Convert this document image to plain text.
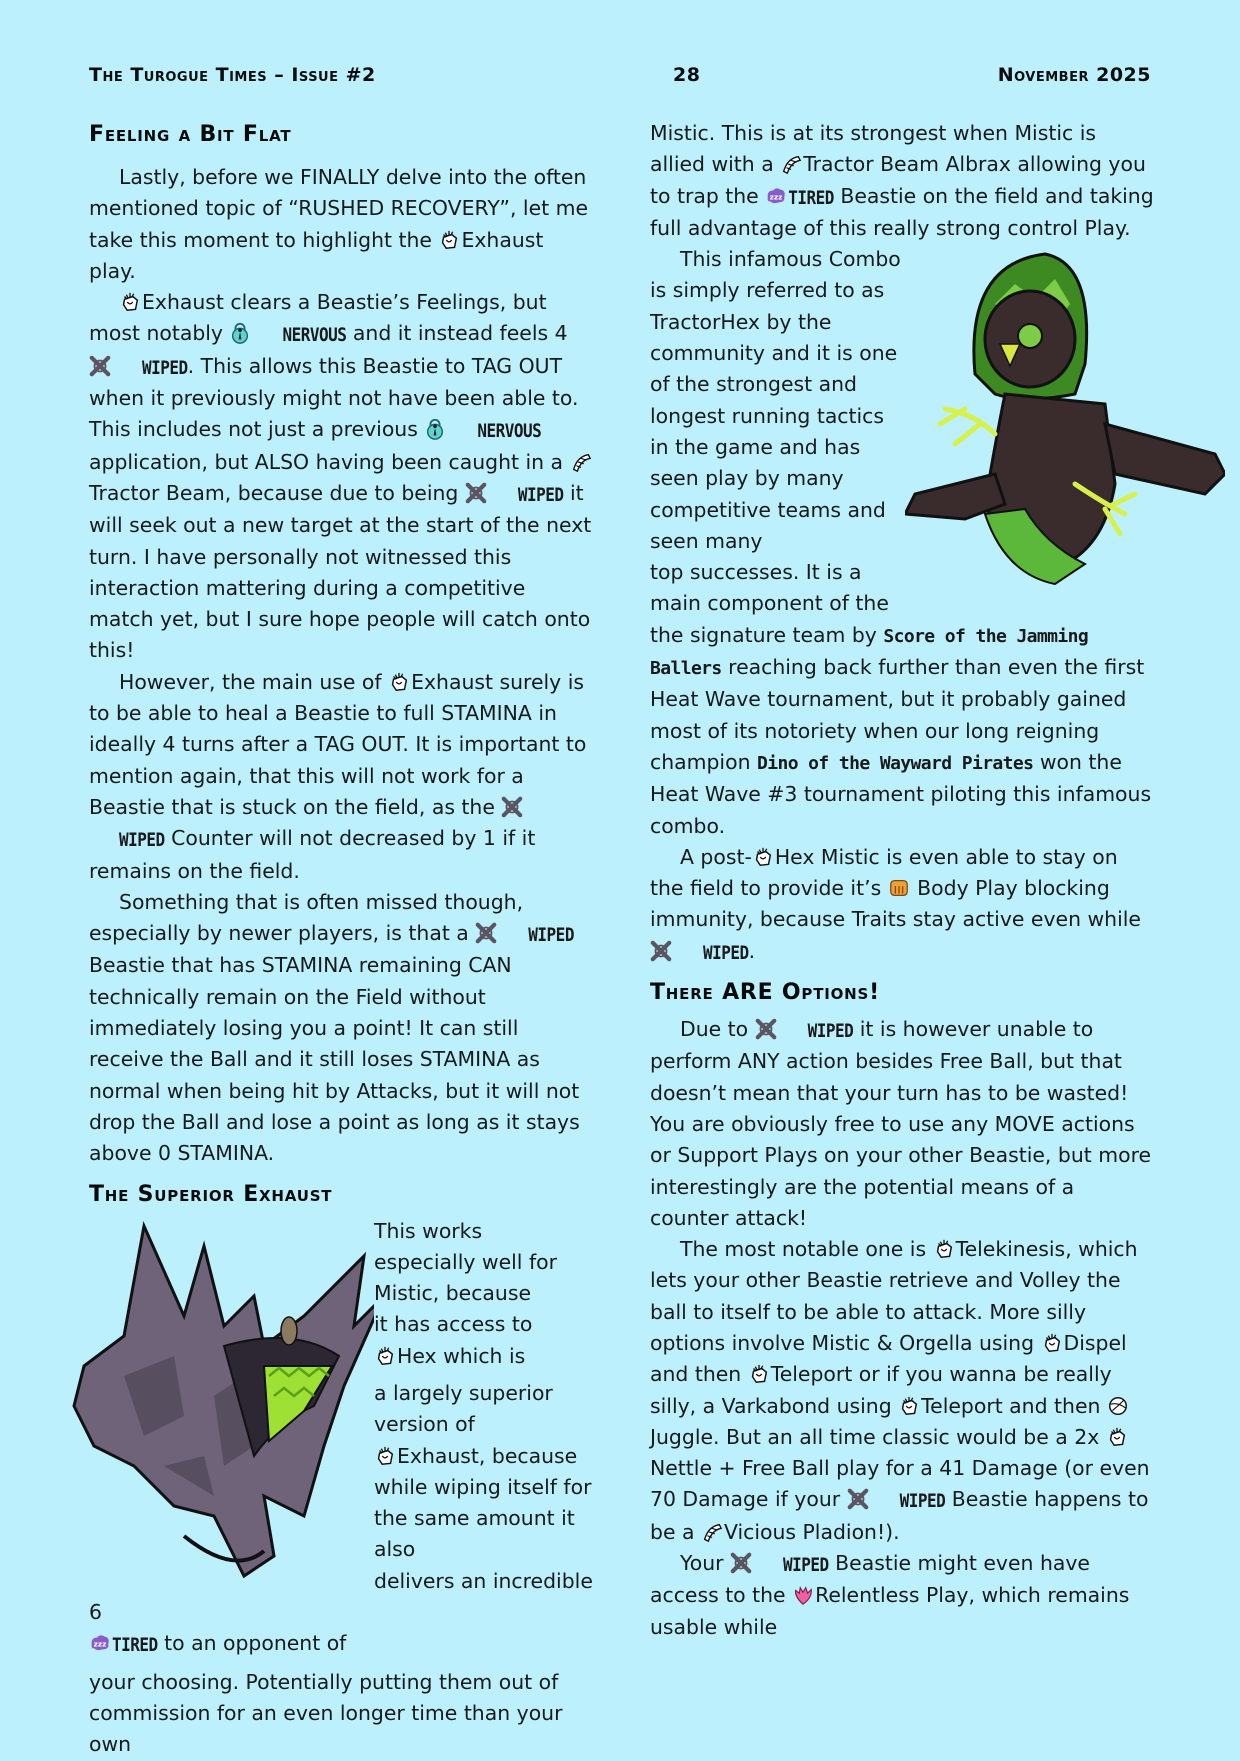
The Turogue Times – Issue #2	28	November 2025
Feeling a Bit Flat

Lastly, before we FINALLY delve into the often mentioned topic of “RUSHED RECOVERY”, let me take this moment to highlight the Exhaust play.

Exhaust clears a Beastie’s Feelings, but most notably	NERVOUS and it instead feels 4 WIPED. This allows this Beastie to TAG OUT when it previously might not have been able to. This includes not just a previous	NERVOUS application, but ALSO having been caught in a Tractor Beam, because due to being	WIPED it will seek out a new target at the start of the next turn. I have personally not witnessed this interaction mattering during a competitive match yet, but I sure hope people will catch onto this!

However, the main use of Exhaust surely is to be able to heal a Beastie to full STAMINA in ideally 4 turns after a TAG OUT. It is important to mention again, that this will not work for a Beastie that is stuck on the field, as the WIPED Counter will not decreased by 1 if it remains on the field.

Something that is often missed though, especially by newer players, is that a	WIPED Beastie that has STAMINA remaining CAN technically remain on the Field without immediately losing you a point! It can still receive the Ball and it still loses STAMINA as normal when being hit by Attacks, but it will not drop the Ball and lose a point as long as it stays above 0 STAMINA.

The Superior Exhaust

This works

especially well for

Mistic, because

it has access to

Hex which is

a largely superior

version of

Exhaust, because

while wiping itself for

the same amount it also

delivers an incredible 6

TIRED to an opponent of

your choosing. Potentially putting them out of commission for an even longer time than your own

Mistic. This is at its strongest when Mistic is allied with a Tractor Beam Albrax allowing you to trap the TIRED Beastie on the field and taking full advantage of this really strong control Play.

This infamous Combo is simply referred to as TractorHex by the community and it is one of the strongest and longest running tactics in the game and has seen play by many competitive teams and seen many

top successes. It is a main component of the the signature team by Score of the Jamming Ballers reaching back further than even the first Heat Wave tournament, but it probably gained most of its notoriety when our long reigning champion Dino of the Wayward Pirates won the Heat Wave #3 tournament piloting this infamous combo.

A post- Hex Mistic is even able to stay on the field to provide it’s  Body Play blocking immunity, because Traits stay active even while WIPED.

There ARE Options!

Due to	WIPED it is however unable to perform ANY action besides Free Ball, but that doesn’t mean that your turn has to be wasted! You are obviously free to use any MOVE actions or Support Plays on your other Beastie, but more interestingly are the potential means of a counter attack!

The most notable one is Telekinesis, which lets your other Beastie retrieve and Volley the ball to itself to be able to attack. More silly options involve Mistic & Orgella using Dispel and then Teleport or if you wanna be really silly, a Varkabond using Teleport and then Juggle. But an all time classic would be a 2x Nettle + Free Ball play for a 41 Damage (or even 70 Damage if your	WIPED Beastie happens to be a Vicious Pladion!).

Your	WIPED Beastie might even have access to the Relentless Play, which remains usable while
